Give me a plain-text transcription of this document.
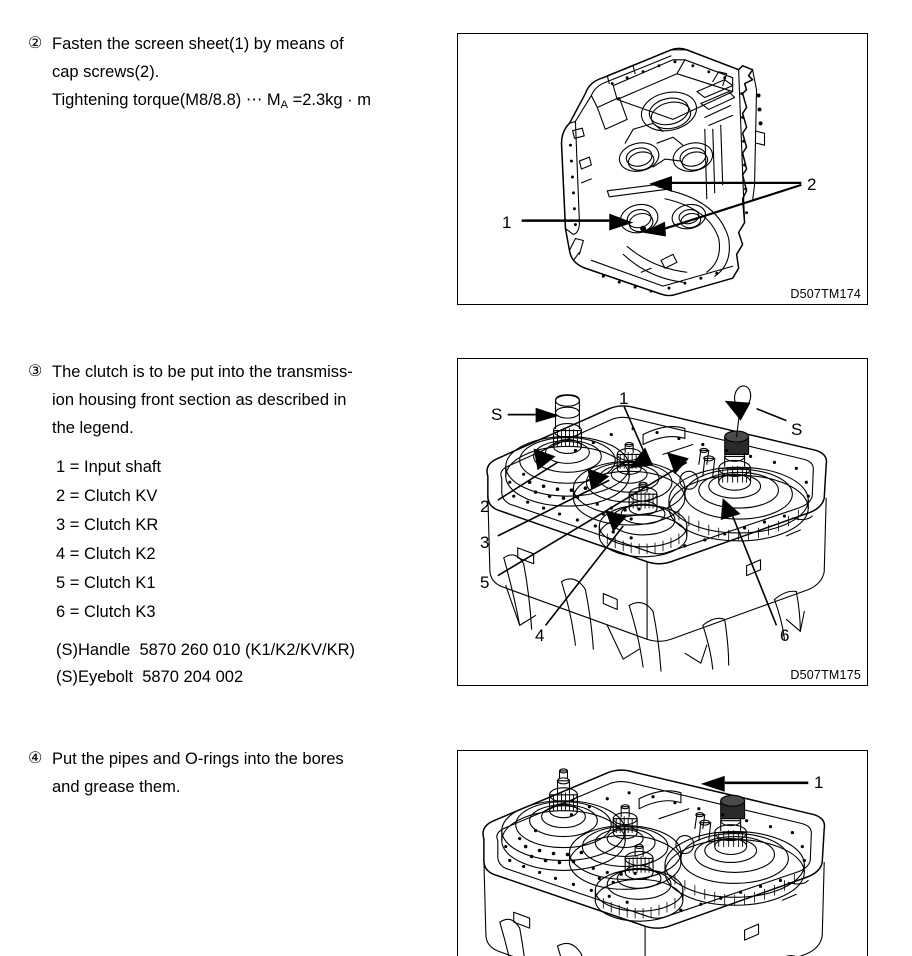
② Fasten the screen sheet(1) by means of
cap screws(2).
Tightening torque(M8/8.8) ⋯ $M_A =2.3kg \cdot m$
③ The clutch is to be put into the transmiss-
ion housing front section as described in
the legend.
1 = Input shaft
2 = Clutch KV
3 = Clutch KR
4 = Clutch K2
5 = Clutch K1
6 = Clutch K3
(S)Handle  5870 260 010 (K1/K2/KV/KR)
(S)Eyebolt  5870 204 002
④ Put the pipes and O-rings into the bores
and grease them.
1
2
D507TM174
S
1
S
2
3
5
4	6
D507TM175
1
